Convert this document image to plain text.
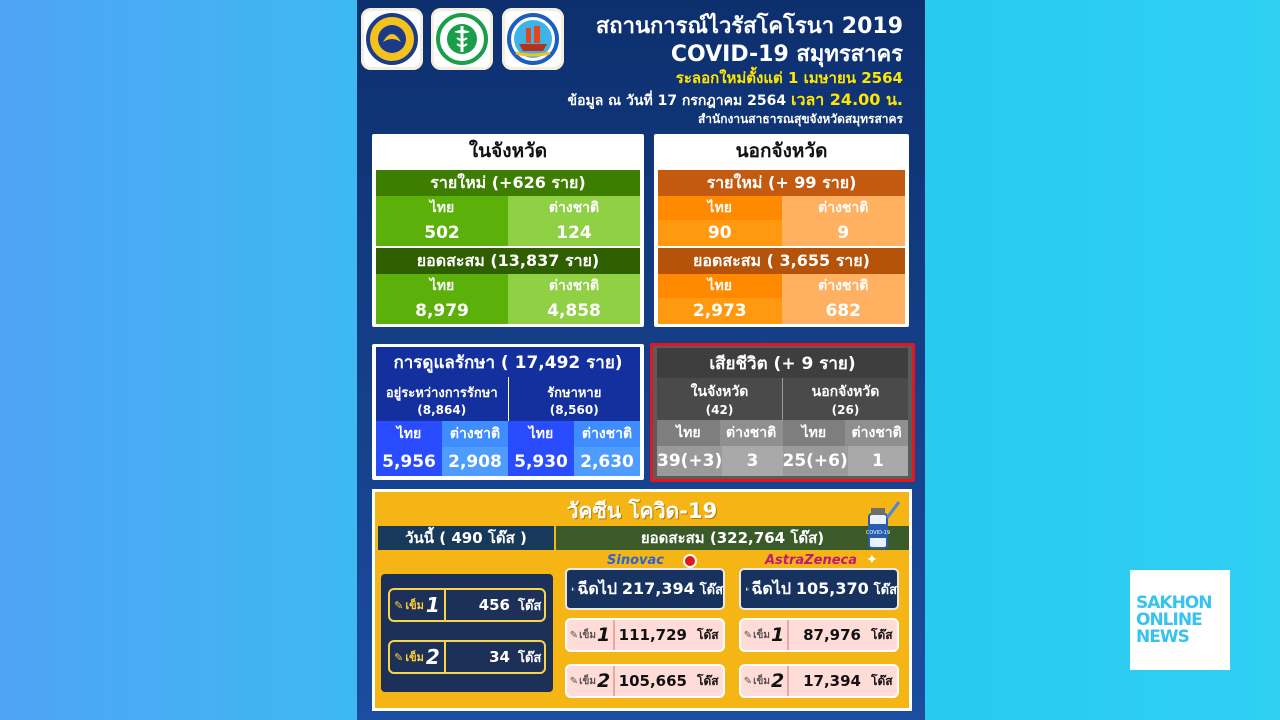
สถานการณ์ไวรัสโคโรนา 2019
COVID-19 สมุทรสาคร
ระลอกใหม่ตั้งแต่ 1 เมษายน 2564
ข้อมูล ณ วันที่ 17 กรกฎาคม 2564 เวลา 24.00 น.
สำนักงานสาธารณสุขจังหวัดสมุทรสาคร
ในจังหวัด
รายใหม่ (+626 ราย)
ไทย	ต่างชาติ
502	124
ยอดสะสม (13,837 ราย)
ไทย	ต่างชาติ
8,979	4,858
นอกจังหวัด
รายใหม่ (+ 99 ราย)
ไทย	ต่างชาติ
90	9
ยอดสะสม ( 3,655 ราย)
ไทย	ต่างชาติ
2,973	682
การดูแลรักษา ( 17,492 ราย)
อยู่ระหว่างการรักษา
(8,864)
รักษาหาย
(8,560)
ไทย	ต่างชาติ	ไทย	ต่างชาติ
5,956 2,908 5,930 2,630
เสียชีวิต (+ 9 ราย)
ในจังหวัด
(42)
นอกจังหวัด
(26)
ไทย	ต่างชาติ	ไทย	ต่างชาติ
39(+3)	3	25(+6)	1
วัคซีน โควิด-19
วันนี้ ( 490 โด๊ส )	ยอดสะสม (322,764 โด๊ส)	COVID-19
✎ เข็ม 1	456 โด๊ส
✎ เข็ม 2	34 โด๊ส
Sinovac
ฉีดไป 217,394 โด๊ส
✎ เข็ม 1 111,729 โด๊ส
✎ เข็ม 2 105,665 โด๊ส
AstraZeneca ✦
ฉีดไป 105,370 โด๊ส
✎ เข็ม 1	87,976 โด๊ส
✎ เข็ม 2	17,394 โด๊ส
SAKHON
ONLINE
NEWS
